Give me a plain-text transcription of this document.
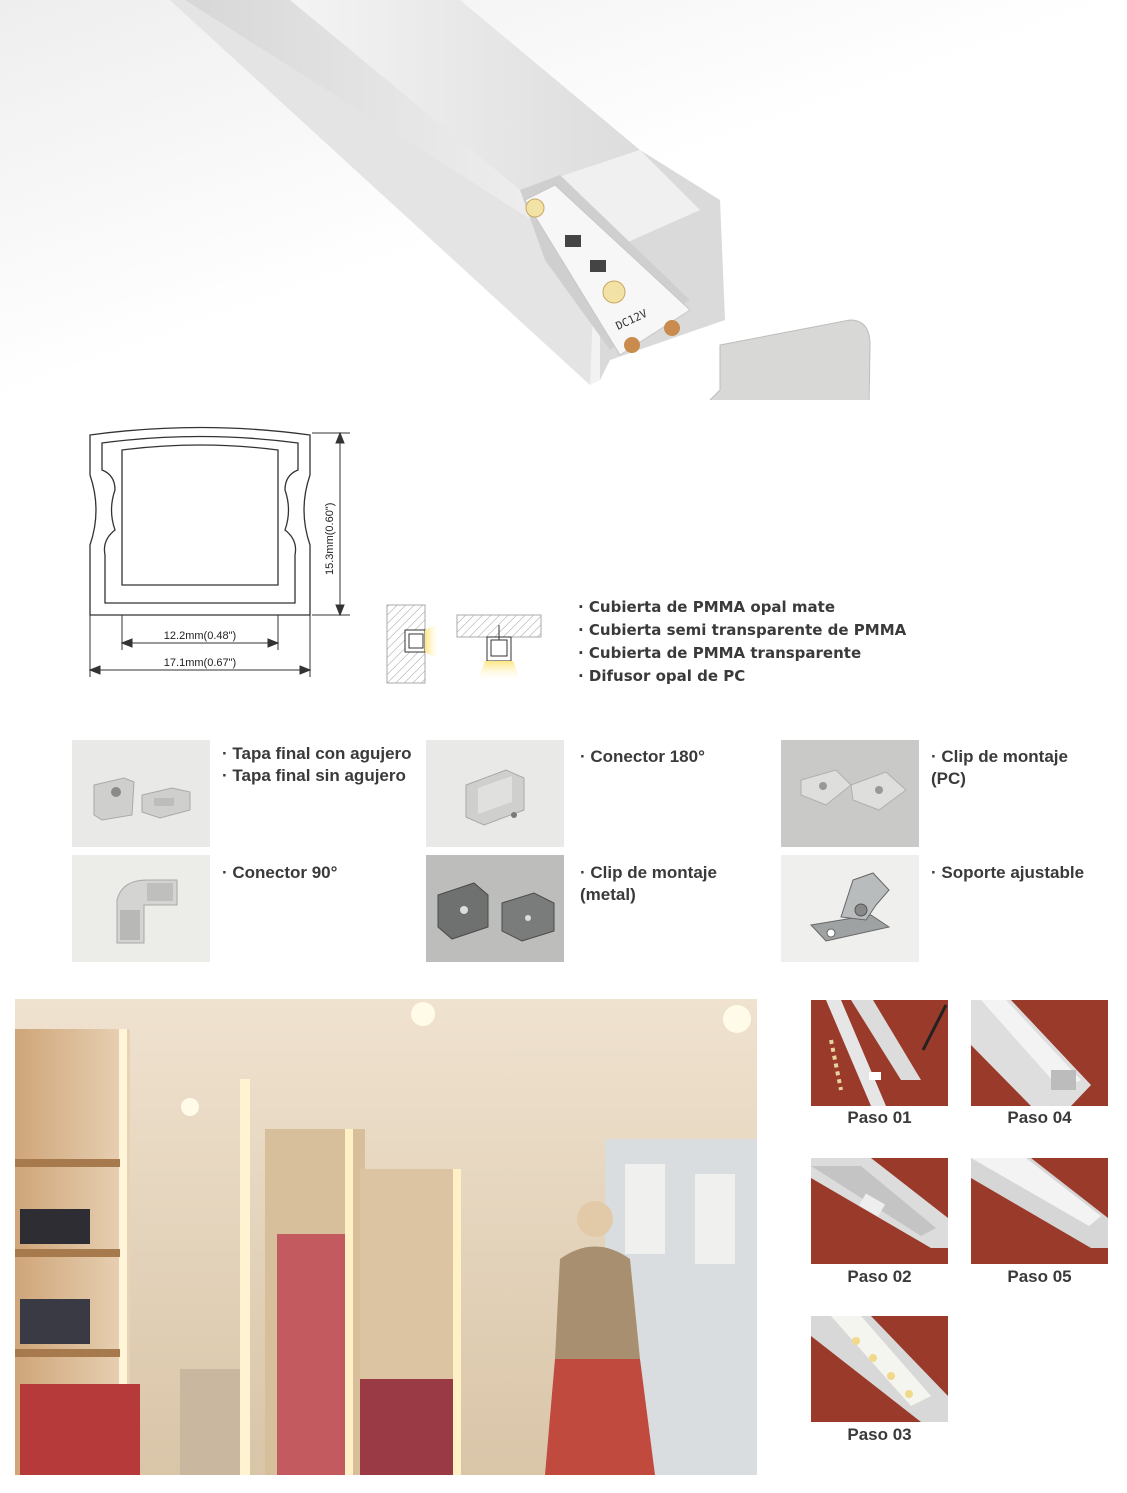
DC12V
15.3mm(0.60")
12.2mm(0.48")
17.1mm(0.67")
· Cubierta de PMMA opal mate
· Cubierta semi transparente de PMMA
· Cubierta de PMMA transparente
· Difusor opal de PC
· Tapa final con agujero
· Tapa final sin agujero
· Conector 180°	· Clip de montaje
(PC)
· Conector 90°	· Clip de montaje
(metal)
· Soporte ajustable
Paso 01	Paso 04
Paso 02	Paso 05
Paso 03
